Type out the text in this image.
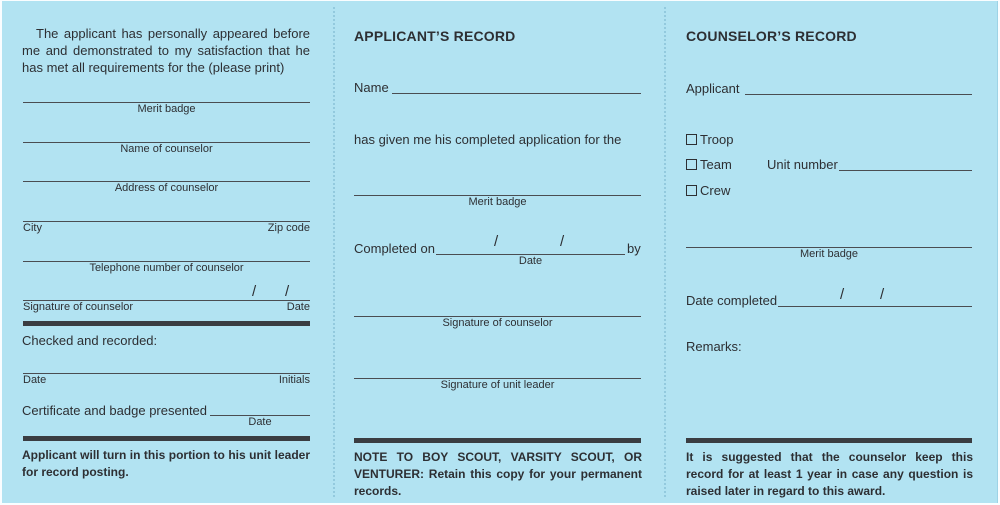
The applicant has personally appeared before me and demonstrated to my satisfaction that he has met all requirements for the (please print)
Merit badge
Name of counselor
Address of counselor
City	Zip code
Telephone number of counselor
/ /
Signature of counselor	Date
Checked and recorded:
Date	Initials
Certificate and badge presented
Date
Applicant will turn in this portion to his unit leader for record posting.
APPLICANT’S RECORD
Name
has given me his completed application for the
Merit badge
Completed on	/	/	by
Date
Signature of counselor
Signature of unit leader
NOTE TO BOY SCOUT, VARSITY SCOUT, OR VENTURER: Retain this copy for your permanent records.
COUNSELOR’S RECORD
Applicant
Troop
Team
Crew
Unit number
Merit badge
Date completed	/ /
Remarks:
It is suggested that the counselor keep this record for at least 1 year in case any question is raised later in regard to this award.
